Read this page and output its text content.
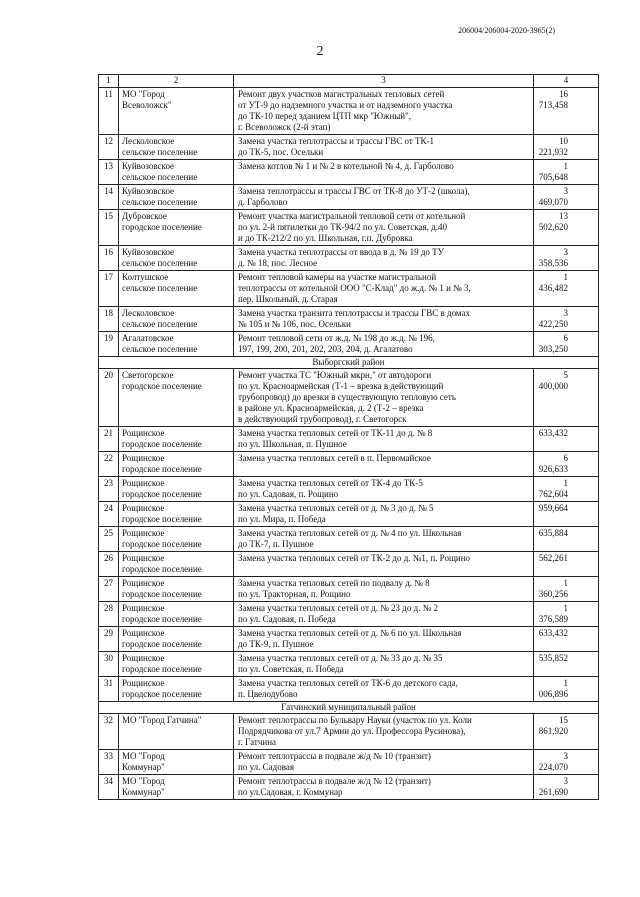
206004/206004-2020-3965(2)
2
1	2	3	4
11	МО "Город
Всеволожск"	Ремонт двух участков магистральных тепловых сетей
от УТ-9 до надземного участка и от надземного участка
до ТК-10 перед зданием ЦТП мкр "Южный",
г. Всеволожск (2-й этап)	16 713,458
12	Лесколовское
сельское поселение	Замена участка теплотрассы и трассы ГВС от ТК-1
до ТК-5, пос. Осельки	10 221,932
13	Куйвозовское
сельское поселение	Замена котлов № 1 и № 2 в котельной № 4, д. Гарболово	1 705,648
14	Куйвозовское
сельское поселение	Замена теплотрассы и трассы ГВС от ТК-8 до УТ-2 (школа),
д. Гарболово	3 469,070
15	Дубровское
городское поселение	Ремонт участка магистральной тепловой сети от котельной
по ул. 2-й пятилетки до ТК-94/2 по ул. Советская, д.40
и до ТК-212/2 по ул. Школьная, г.п. Дубровка	13 502,620
16	Куйвозовское
сельское поселение	Замена участка теплотрассы от ввода в д. № 19 до ТУ
д. № 18, пос. Лесное	3 358,536
17	Колтушское
сельское поселение	Ремонт тепловой камеры на участке магистральной
теплотрассы от котельной ООО "С-Клад" до ж.д. № 1 и № 3,
пер. Школьный, д. Старая	1 436,482
18	Лесколовское
сельское поселение	Замена участка транзита теплотрассы и трассы ГВС в домах
№ 105 и № 106, пос. Осельки	3 422,250
19	Агалатовское
сельское поселение	Ремонт тепловой сети от ж.д. № 198 до ж.д. № 196,
197, 199, 200, 201, 202, 203, 204, д. Агалатово	6 303,250
Выборгский район			
20	Светогорское
городское поселение	Ремонт участка ТС "Южный мкрн," от автодороги
по ул. Красноармейская (Т-1 – врезка в действующий
трубопровод) до врезки в существующую тепловую сеть
в районе ул. Красноармейская, д. 2 (Т-2 – врезка
в действующий трубопровод), г. Светогорск	5 400,000
21	Рощинское
городское поселение	Замена участка тепловых сетей от ТК-11 до д. № 8
по ул. Школьная, п. Пушное	633,432
22	Рощинское
городское поселение	Замена участка тепловых сетей в п. Первомайское	6 926,633
23	Рощинское
городское поселение	Замена участка тепловых сетей от ТК-4 до ТК-5
по ул. Садовая, п. Рощино	1 762,604
24	Рощинское
городское поселение	Замена участка тепловых сетей от д. № 3 до д. № 5
по ул. Мира, п. Победа	959,664
25	Рощинское
городское поселение	Замена участка тепловых сетей от д. № 4 по ул. Школьная
до ТК-7, п. Пушное	635,884
26	Рощинское
городское поселение	Замена участка тепловых сетей от ТК-2 до д. №1, п. Рощино	562,261
27	Рощинское
городское поселение	Замена участка тепловых сетей по подвалу д. № 8
по ул. Тракторная, п. Рощино	1 360,256
28	Рощинское
городское поселение	Замена участка тепловых сетей от д. № 23 до д. № 2
по ул. Садовая, п. Победа	1 376,589
29	Рощинское
городское поселение	Замена участка тепловых сетей от д. № 6 по ул. Школьная
до ТК-9, п. Пушное	633,432
30	Рощинское
городское поселение	Замена участка тепловых сетей от д. № 33 до д. № 35
по ул. Советская, п. Победа	535,852
31	Рощинское
городское поселение	Замена участка тепловых сетей от ТК-6 до детского сада,
п. Цвелодубово	1 006,896
Гатчинский муниципальный район			
32	МО "Город Гатчина"	Ремонт теплотрассы по Бульвару Науки (участок по ул. Коли
Подрядчикова от ул.7 Армии до ул. Профессора Русинова),
г. Гатчина	15 861,920
33	МО "Город
Коммунар"	Ремонт теплотрассы в подвале ж/д № 10 (транзит)
по ул. Садовая	3 224,070
34	МО "Город
Коммунар"	Ремонт теплотрассы в подвале ж/д № 12 (транзит)
по ул.Садовая, г. Коммунар	3 261,690
